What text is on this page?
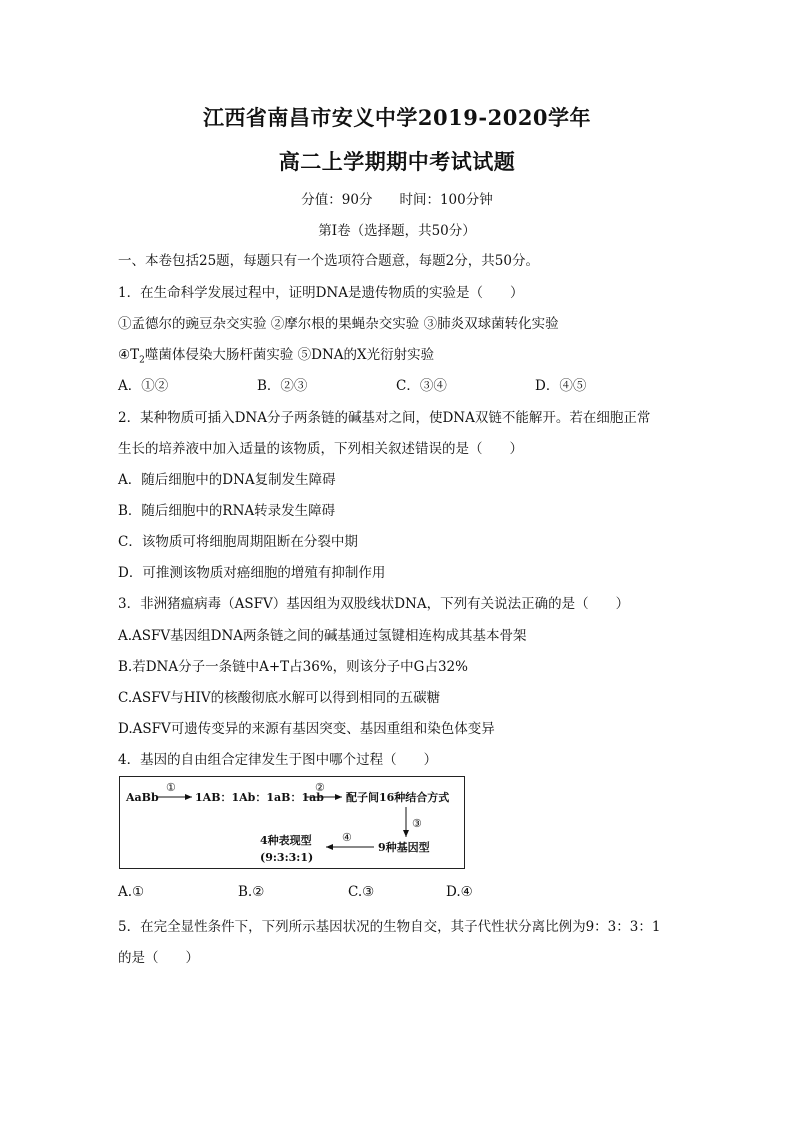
江西省南昌市安义中学2019-2020学年
高二上学期期中考试试题
分值：90分　　时间：100分钟
第Ⅰ卷（选择题，共50分）
一、本卷包括25题，每题只有一个选项符合题意，每题2分，共50分。
1．在生命科学发展过程中，证明DNA是遗传物质的实验是（　　）
①孟德尔的豌豆杂交实验 ②摩尔根的果蝇杂交实验 ③肺炎双球菌转化实验
$④T_2$噬菌体侵染大肠杆菌实验 ⑤DNA的X光衍射实验
A．①②	B．②③	C．③④	D．④⑤
2．某种物质可插入DNA分子两条链的碱基对之间，使DNA双链不能解开。若在细胞正常
生长的培养液中加入适量的该物质，下列相关叙述错误的是（　　）
A．随后细胞中的DNA复制发生障碍
B．随后细胞中的RNA转录发生障碍
C．该物质可将细胞周期阻断在分裂中期
D．可推测该物质对癌细胞的增殖有抑制作用
3．非洲猪瘟病毒（ASFV）基因组为双股线状DNA，下列有关说法正确的是（　　）
A.ASFV基因组DNA两条链之间的碱基通过氢键相连构成其基本骨架
B.若DNA分子一条链中A+T占36%，则该分子中G占32%
C.ASFV与HIV的核酸彻底水解可以得到相同的五碳糖
D.ASFV可遗传变异的来源有基因突变、基因重组和染色体变异
4．基因的自由组合定律发生于图中哪个过程（　　）
AaBb
①
1AB：1Ab：1aB：1ab
②
配子间16种结合方式
③
9种基因型
④
4种表现型
(9:3:3:1)
A.①	B.②	C.③	D.④
5．在完全显性条件下，下列所示基因状况的生物自交，其子代性状分离比例为9：3：3：1
的是（　　）
